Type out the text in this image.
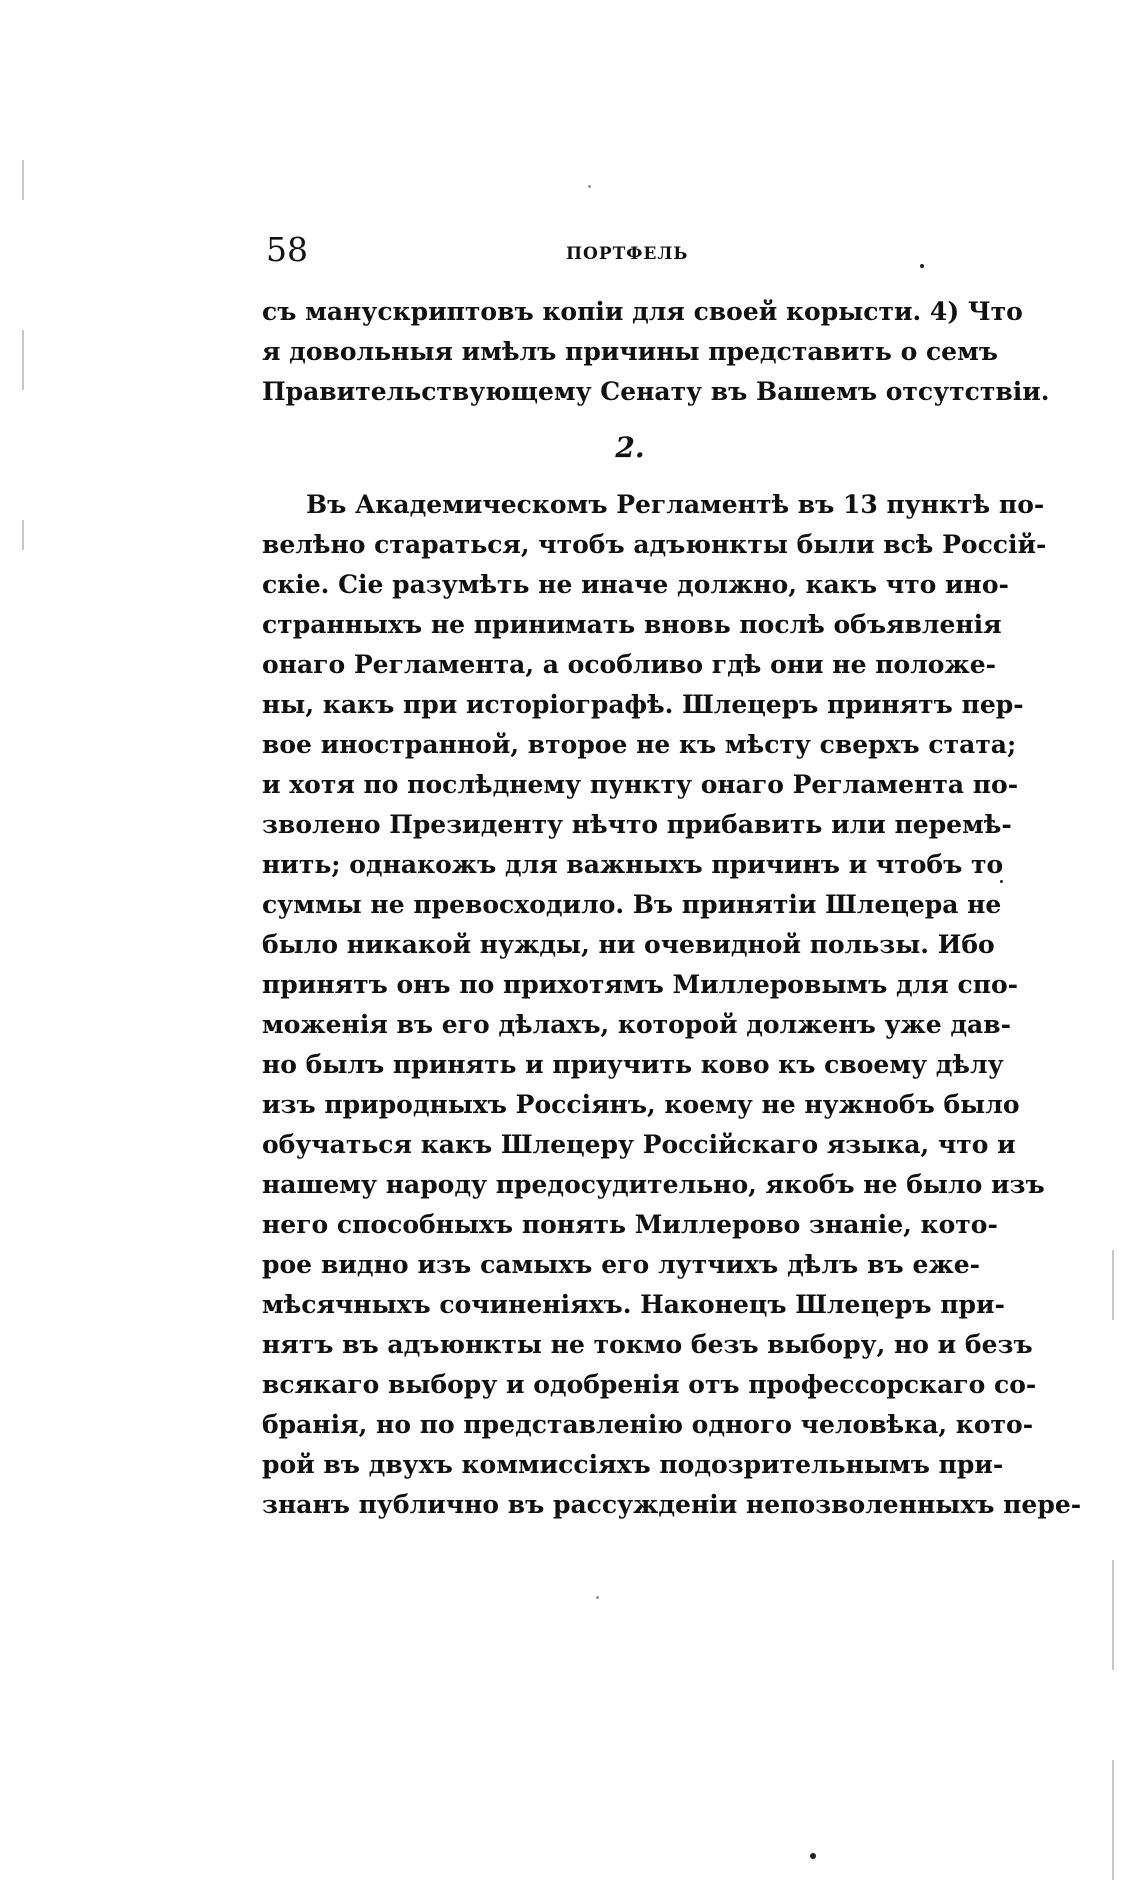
58	ПОРТФЕЛЬ
съ манускриптовъ копіи для своей корысти. 4) Что
я довольныя имѣлъ причины представить о семъ
Правительствующему Сенату въ Вашемъ отсутствіи.
2.
Въ Академическомъ Регламентѣ въ 13 пунктѣ по-
велѣно стараться, чтобъ адъюнкты были всѣ Россій-
скіе. Сіе разумѣть не иначе должно, какъ что ино-
странныхъ не принимать вновь послѣ объявленія
онаго Регламента, а особливо гдѣ они не положе-
ны, какъ при исторіографѣ. Шлецеръ принятъ пер-
вое иностранной, второе не къ мѣсту сверхъ стата;
и хотя по послѣднему пункту онаго Регламента по-
зволено Президенту нѣчто прибавить или перемѣ-
нить; однакожъ для важныхъ причинъ и чтобъ то
суммы не превосходило. Въ принятіи Шлецера не
было никакой нужды, ни очевидной пользы. Ибо
принятъ онъ по прихотямъ Миллеровымъ для спо-
моженія въ его дѣлахъ, которой долженъ уже дав-
но былъ принять и приучить ково къ своему дѣлу
изъ природныхъ Россіянъ, коему не нужнобъ было
обучаться какъ Шлецеру Россійскаго языка, что и
нашему народу предосудительно, якобъ не было изъ
него способныхъ понять Миллерово знаніе, кото-
рое видно изъ самыхъ его лутчихъ дѣлъ въ еже-
мѣсячныхъ сочиненіяхъ. Наконецъ Шлецеръ при-
нятъ въ адъюнкты не токмо безъ выбору, но и безъ
всякаго выбору и одобренія отъ профессорскаго со-
бранія, но по представленію одного человѣка, кото-
рой въ двухъ коммиссіяхъ подозрительнымъ при-
знанъ публично въ рассужденіи непозволенныхъ пере-
